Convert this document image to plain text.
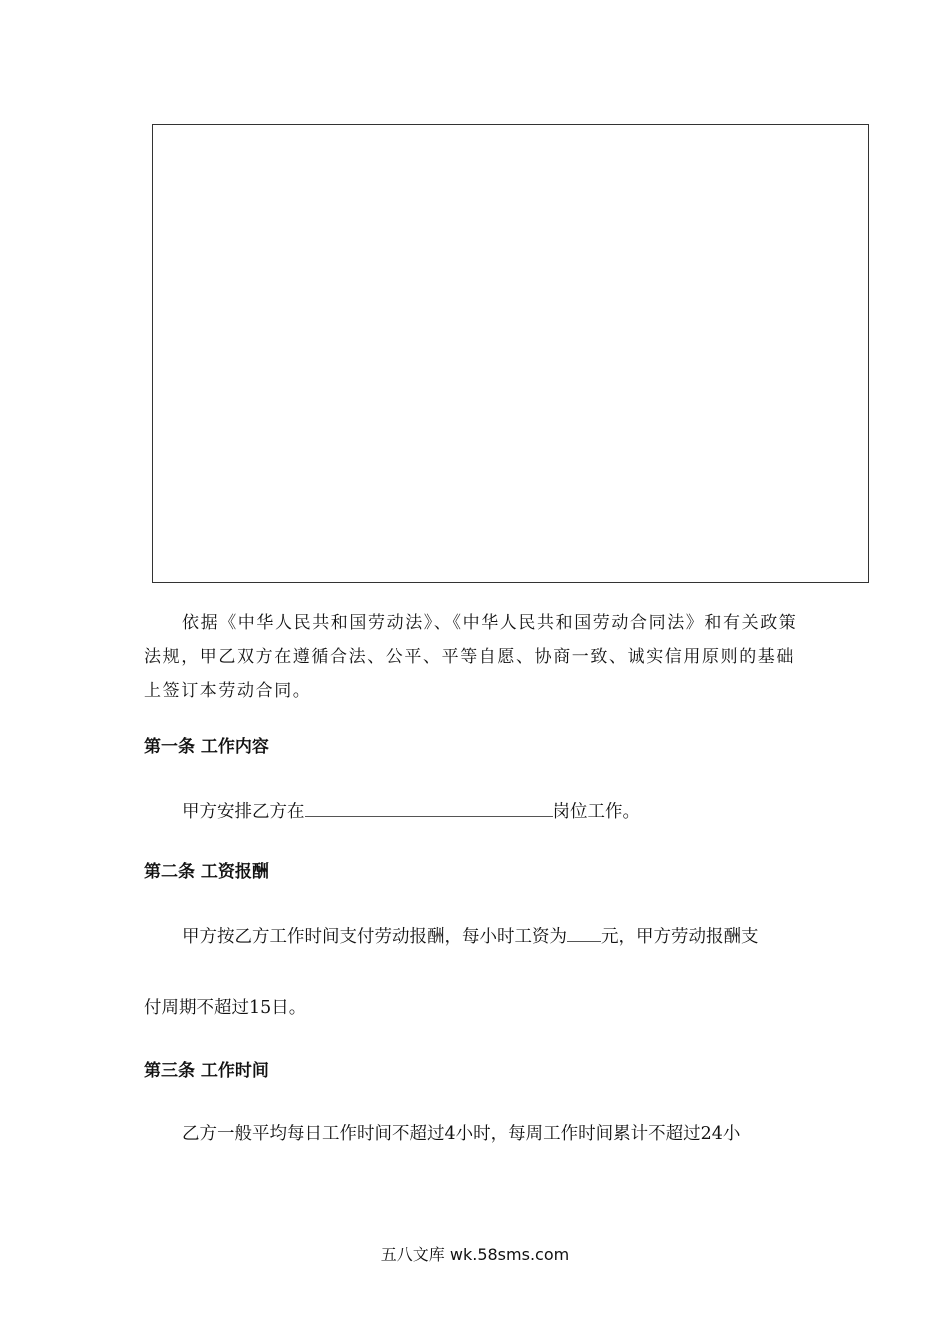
依据《中华人民共和国劳动法》、《中华人民共和国劳动合同法》和有关政策法规，甲乙双方在遵循合法、公平、平等自愿、协商一致、诚实信用原则的基础上签订本劳动合同。

第一条 工作内容

甲方安排乙方在	岗位工作。

第二条 工资报酬

甲方按乙方工作时间支付劳动报酬，每小时工资为 元，甲方劳动报酬支

付周期不超过15日。

第三条 工作时间

乙方一般平均每日工作时间不超过4小时，每周工作时间累计不超过24小

五八文库 wk.58sms.com
